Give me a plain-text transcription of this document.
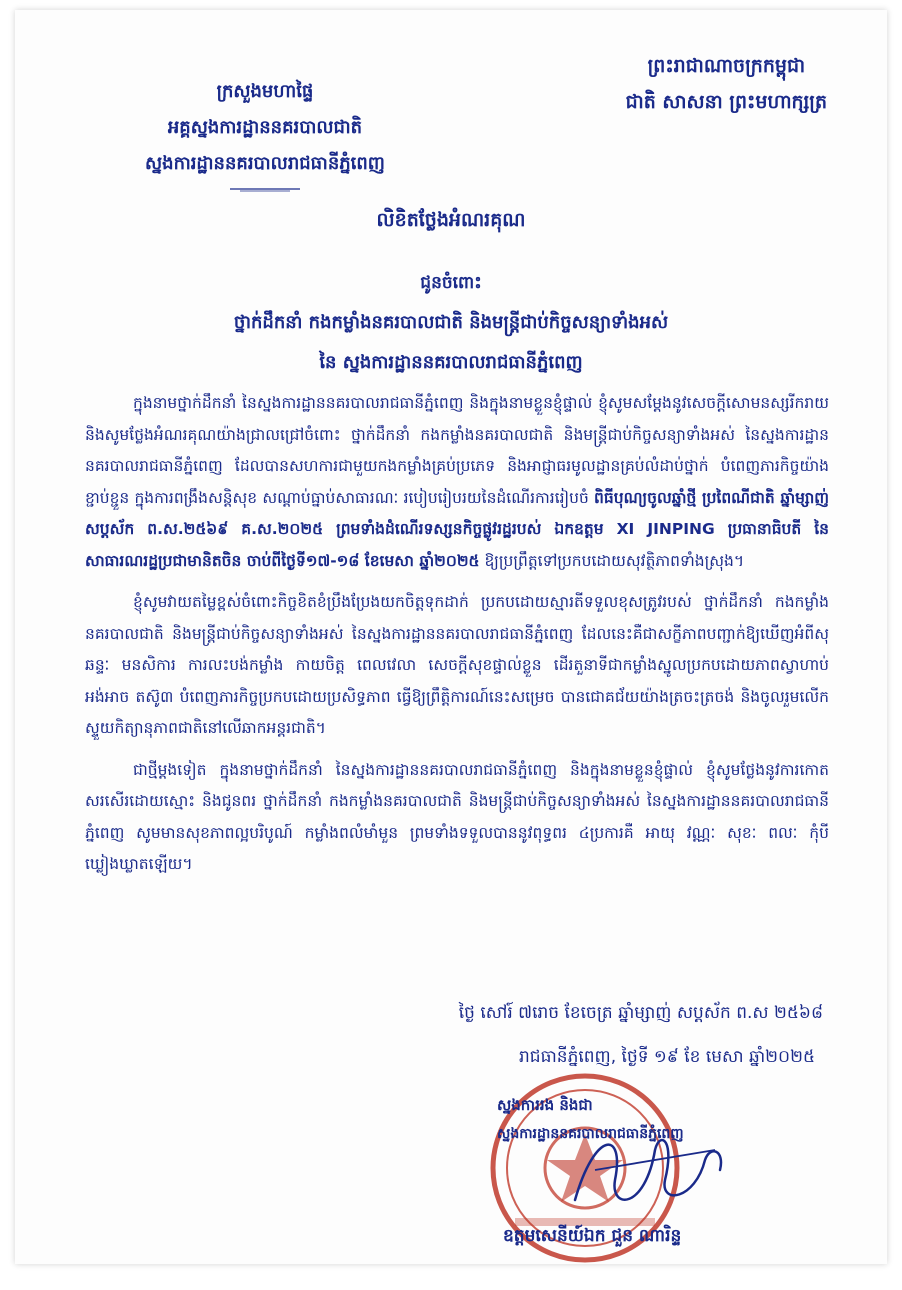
ព្រះរាជាណាចក្រកម្ពុជា
ជាតិ សាសនា ព្រះមហាក្សត្រ
ក្រសួងមហាផ្ទៃ
អគ្គស្នងការដ្ឋាននគរបាលជាតិ
ស្នងការដ្ឋាននគរបាលរាជធានីភ្នំពេញ
លិខិតថ្លែងអំណរគុណ
ជូនចំពោះ
ថ្នាក់ដឹកនាំ កងកម្លាំងនគរបាលជាតិ និងមន្ត្រីជាប់កិច្ចសន្យាទាំងអស់
នៃ ស្នងការដ្ឋាននគរបាលរាជធានីភ្នំពេញ

ក្នុងនាមថ្នាក់ដឹកនាំ នៃស្នងការដ្ឋាននគរបាលរាជធានីភ្នំពេញ និងក្នុងនាមខ្លួនខ្ញុំផ្ទាល់ ខ្ញុំសូមសម្តែងនូវសេចក្តីសោមនស្សរីករាយ និងសូមថ្លែងអំណរគុណយ៉ាងជ្រាលជ្រៅចំពោះ ថ្នាក់ដឹកនាំ កងកម្លាំងនគរបាលជាតិ និងមន្ត្រីជាប់កិច្ចសន្យាទាំងអស់ នៃស្នងការដ្ឋាននគរបាលរាជធានីភ្នំពេញ ដែលបានសហការជាមួយកងកម្លាំងគ្រប់ប្រភេទ និងអាជ្ញាធរមូលដ្ឋានគ្រប់លំដាប់ថ្នាក់ បំពេញភារកិច្ចយ៉ាងខ្ជាប់ខ្ជួន ក្នុងការពង្រឹងសន្តិសុខ សណ្តាប់ធ្នាប់សាធារណៈ របៀបរៀបរយនៃដំណើរការរៀបចំ ពិធីបុណ្យចូលឆ្នាំថ្មី ប្រពៃណីជាតិ ឆ្នាំម្សាញ់ សប្តស័ក ព.ស.២៥៦៩ គ.ស.២០២៥ ព្រមទាំងដំណើរទស្សនកិច្ចផ្លូវរដ្ឋរបស់ ឯកឧត្តម XI JINPING ប្រធានាធិបតី នៃសាធារណរដ្ឋប្រជាមានិតចិន ចាប់ពីថ្ងៃទី១៧-១៨ ខែមេសា ឆ្នាំ២០២៥ ឱ្យប្រព្រឹត្តទៅប្រកបដោយសុវត្ថិភាពទាំងស្រុង។

ខ្ញុំសូមវាយតម្លៃខ្ពស់ចំពោះកិច្ចខិតខំប្រឹងប្រែងយកចិត្តទុកដាក់ ប្រកបដោយស្មារតីទទួលខុសត្រូវរបស់ ថ្នាក់ដឹកនាំ កងកម្លាំងនគរបាលជាតិ និងមន្ត្រីជាប់កិច្ចសន្យាទាំងអស់ នៃស្នងការដ្ឋាននគរបាលរាជធានីភ្នំពេញ ដែលនេះគឺជាសក្ខីភាពបញ្ជាក់ឱ្យឃើញអំពីសុឆន្ទៈ មនសិការ ការលះបង់កម្លាំង កាយចិត្ត ពេលវេលា សេចក្តីសុខផ្ទាល់ខ្លួន ដើរតួនាទីជាកម្លាំងស្នូលប្រកបដោយភាពស្វាហាប់ អង់អាច តស៊ូ៣ បំពេញភារកិច្ចប្រកបដោយប្រសិទ្ធភាព ធ្វើឱ្យព្រឹត្តិការណ៍នេះសម្រេច បានជោគជ័យយ៉ាងត្រចះត្រចង់ និងចូលរួមលើកស្ទួយកិត្យានុភាពជាតិនៅលើឆាកអន្តរជាតិ។

ជាថ្មីម្តងទៀត ក្នុងនាមថ្នាក់ដឹកនាំ នៃស្នងការដ្ឋាននគរបាលរាជធានីភ្នំពេញ និងក្នុងនាមខ្លួនខ្ញុំផ្ទាល់ ខ្ញុំសូមថ្លែងនូវការកោតសរសើរដោយស្មោះ និងជូនពរ ថ្នាក់ដឹកនាំ កងកម្លាំងនគរបាលជាតិ និងមន្ត្រីជាប់កិច្ចសន្យាទាំងអស់ នៃស្នងការដ្ឋាននគរបាលរាជធានីភ្នំពេញ សូមមានសុខភាពល្អបរិបូណ៍ កម្លាំងពលំមាំមួន ព្រមទាំងទទួលបាននូវពុទ្ធពរ ៤ប្រការគឺ អាយុ វណ្ណៈ សុខៈ ពលៈ កុំបីឃ្លៀងឃ្លាតឡើយ។

ថ្ងៃ សៅរ៍ ៧រោច ខែចេត្រ ឆ្នាំម្សាញ់ សប្តស័ក ព.ស ២៥៦៨
រាជធានីភ្នំពេញ, ថ្ងៃទី ១៩ ខែ មេសា ឆ្នាំ២០២៥
ស្នងការរង និងជា
ស្នងការដ្ឋាននគរបាលរាជធានីភ្នំពេញ
ឧត្តមសេនីយ៍ឯក ជួន ណារិន្ទ
